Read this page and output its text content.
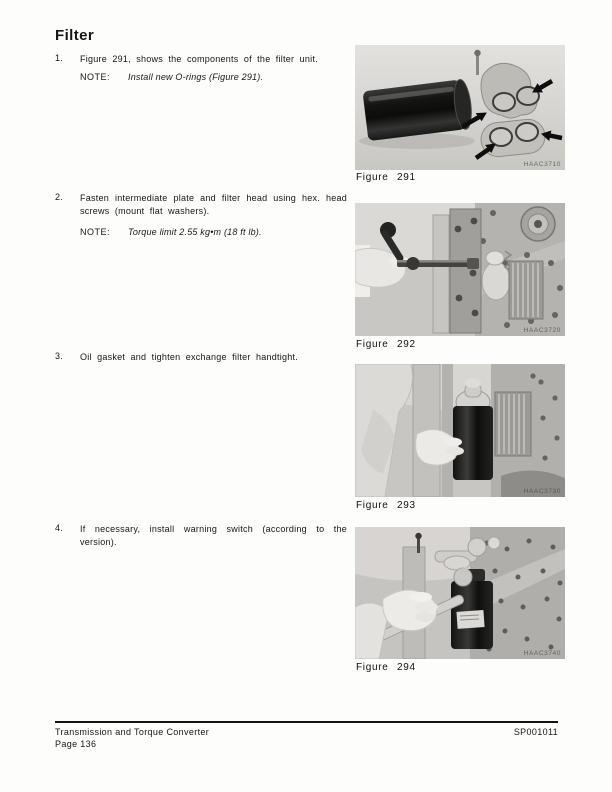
Filter
1.	Figure 291, shows the components of the filter unit.
NOTE:	Install new O-rings (Figure 291).
2.	Fasten intermediate plate and filter head using hex. head screws (mount flat washers).
NOTE:	Torque limit 2.55 kg•m (18 ft lb).
3.	Oil gasket and tighten exchange filter handtight.
4.	If necessary, install warning switch (according to the version).
HAAC3710
Figure 291
HAAC3720
Figure 292
HAAC3730
Figure 293
HAAC3740
Figure 294
Transmission and Torque Converter	SP001011
Page 136
